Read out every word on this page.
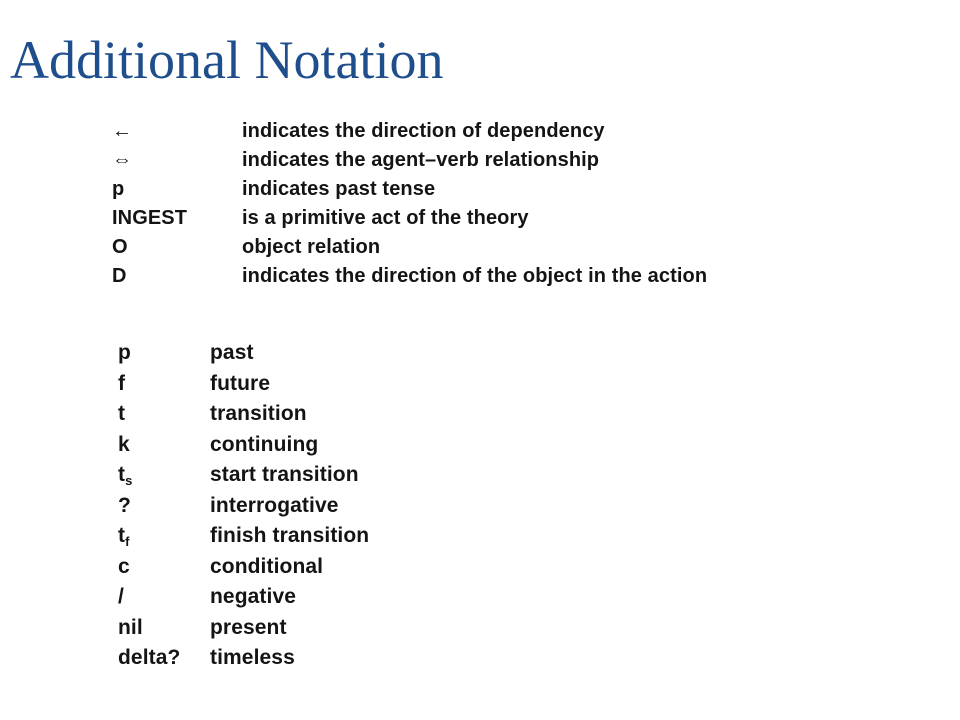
Additional Notation
←	indicates the direction of dependency
⇔	indicates the agent–verb relationship
p	indicates past tense
INGEST	is a primitive act of the theory
O	object relation
D	indicates the direction of the object in the action
p	past
f	future
t	transition
k	continuing
ts	start transition
?	interrogative
tf	finish transition
c	conditional
/	negative
nil	present
delta? timeless
